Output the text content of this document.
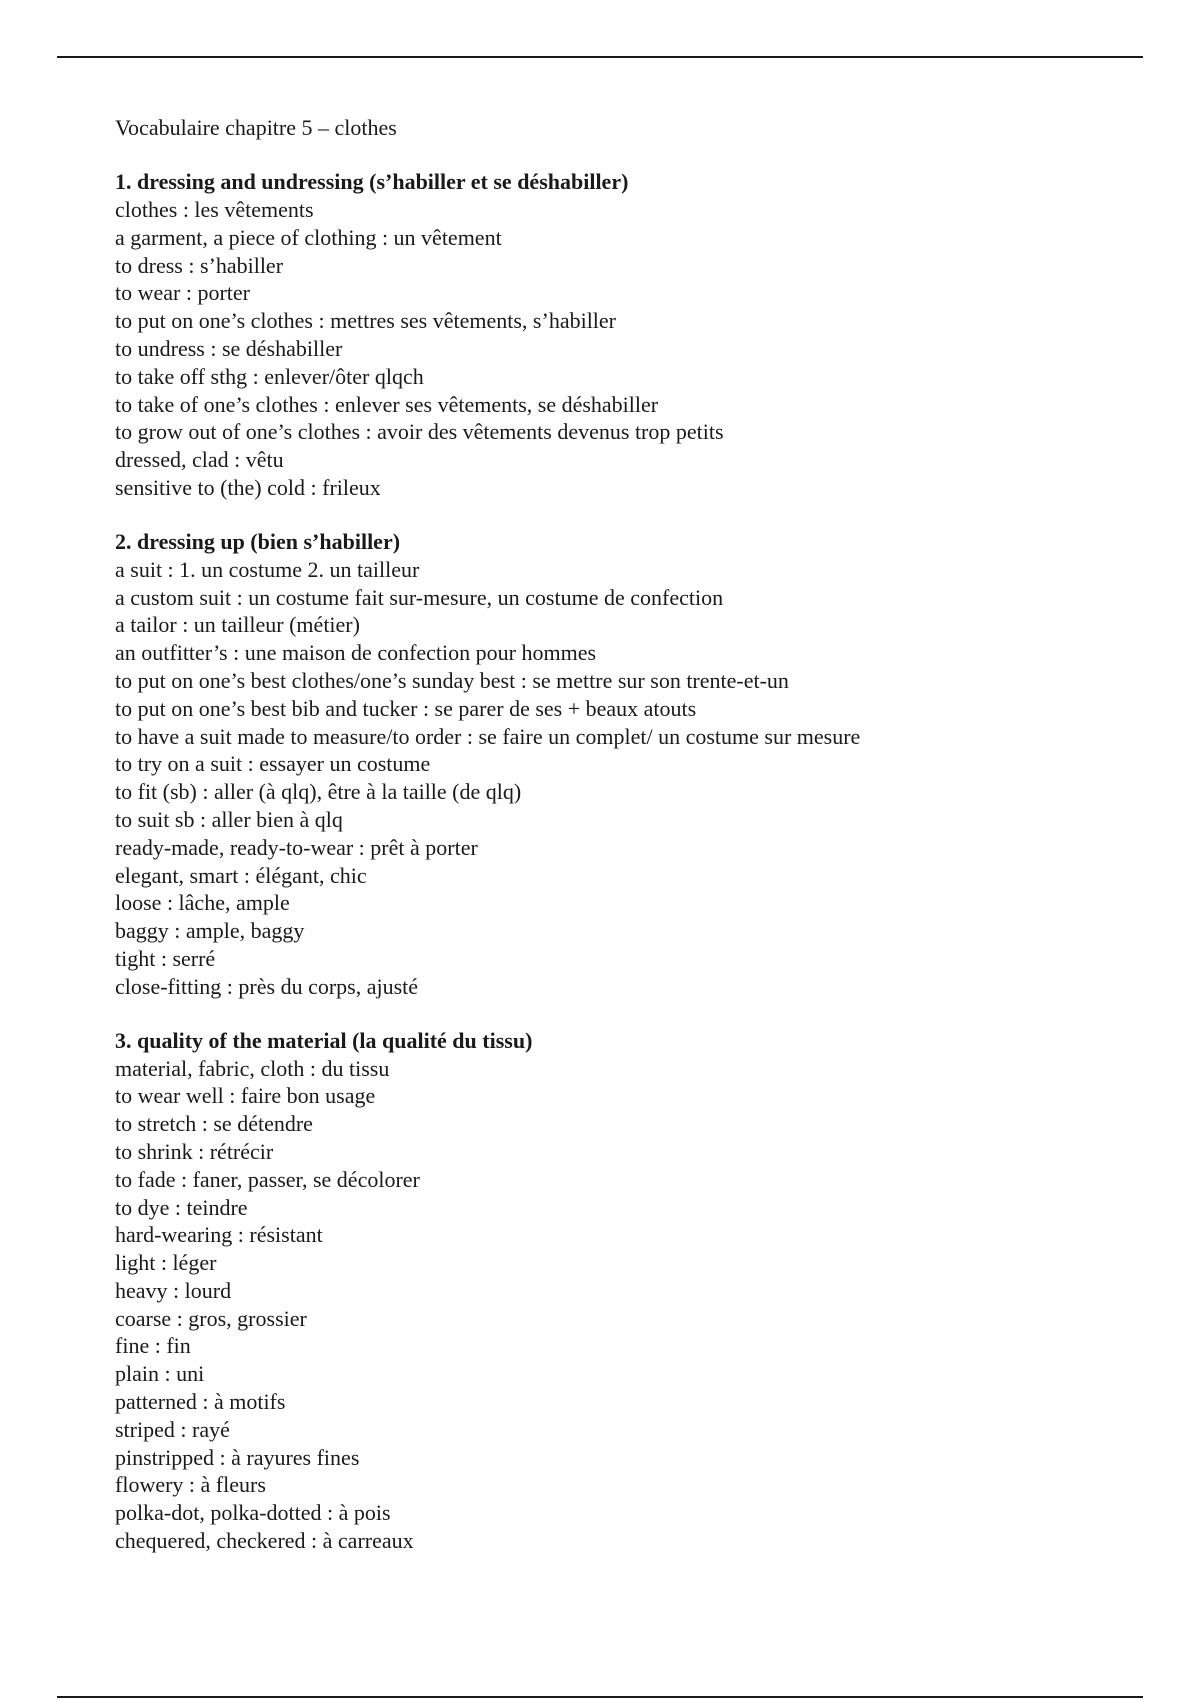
Vocabulaire chapitre 5 – clothes

1. dressing and undressing (s’habiller et se déshabiller)

clothes : les vêtements
a garment, a piece of clothing : un vêtement
to dress : s’habiller
to wear : porter
to put on one’s clothes : mettres ses vêtements, s’habiller
to undress : se déshabiller
to take off sthg : enlever/ôter qlqch
to take of one’s clothes : enlever ses vêtements, se déshabiller
to grow out of one’s clothes : avoir des vêtements devenus trop petits
dressed, clad : vêtu
sensitive to (the) cold : frileux

2. dressing up (bien s’habiller)

a suit : 1. un costume 2. un tailleur
a custom suit : un costume fait sur-mesure, un costume de confection
a tailor : un tailleur (métier)
an outfitter’s : une maison de confection pour hommes
to put on one’s best clothes/one’s sunday best : se mettre sur son trente-et-un
to put on one’s best bib and tucker : se parer de ses + beaux atouts
to have a suit made to measure/to order : se faire un complet/ un costume sur mesure
to try on a suit : essayer un costume
to fit (sb) : aller (à qlq), être à la taille (de qlq)
to suit sb : aller bien à qlq
ready-made, ready-to-wear : prêt à porter
elegant, smart : élégant, chic
loose : lâche, ample
baggy : ample, baggy
tight : serré
close-fitting : près du corps, ajusté

3. quality of the material (la qualité du tissu)

material, fabric, cloth : du tissu
to wear well : faire bon usage
to stretch : se détendre
to shrink : rétrécir
to fade : faner, passer, se décolorer
to dye : teindre
hard-wearing : résistant
light : léger
heavy : lourd
coarse : gros, grossier
fine : fin
plain : uni
patterned : à motifs
striped : rayé
pinstripped : à rayures fines
flowery : à fleurs
polka-dot, polka-dotted : à pois
chequered, checkered : à carreaux
